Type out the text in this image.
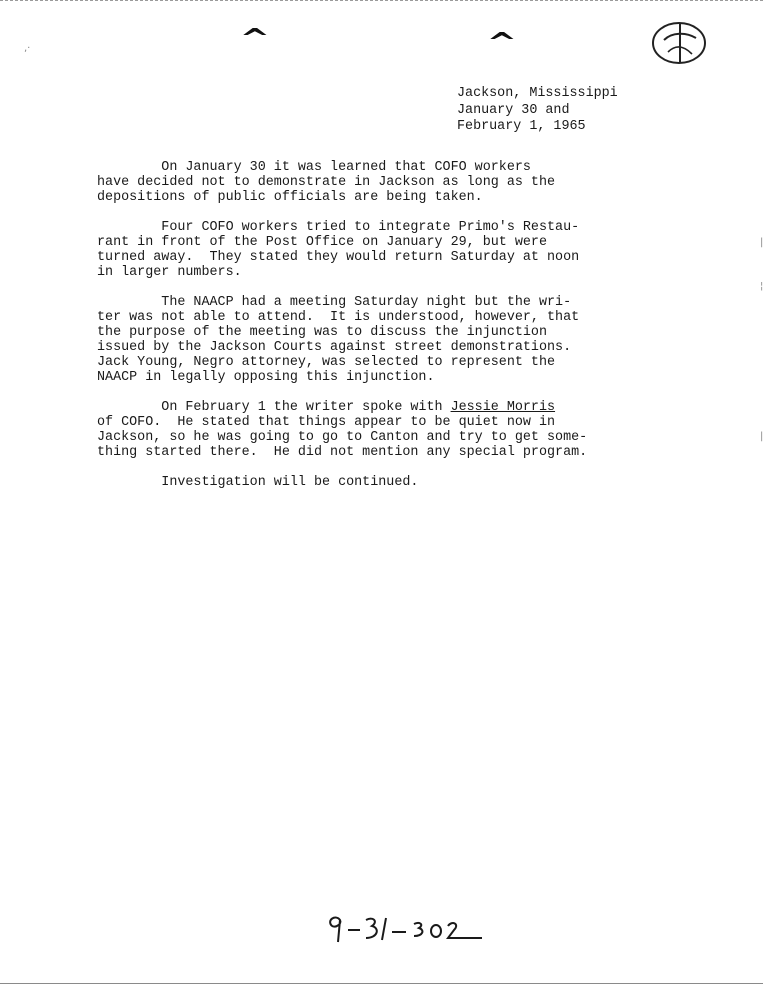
^	^
,·
|
¦
|
Jackson, Mississippi
January 30 and
February 1, 1965
On January 30 it was learned that COFO workers
have decided not to demonstrate in Jackson as long as the
depositions of public officials are being taken.
Four COFO workers tried to integrate Primo's Restau-
rant in front of the Post Office on January 29, but were
turned away.  They stated they would return Saturday at noon
in larger numbers.
The NAACP had a meeting Saturday night but the wri-
ter was not able to attend.  It is understood, however, that
the purpose of the meeting was to discuss the injunction
issued by the Jackson Courts against street demonstrations.
Jack Young, Negro attorney, was selected to represent the
NAACP in legally opposing this injunction.
On February 1 the writer spoke with Jessie Morris
of COFO.  He stated that things appear to be quiet now in
Jackson, so he was going to go to Canton and try to get some-
thing started there.  He did not mention any special program.
Investigation will be continued.
